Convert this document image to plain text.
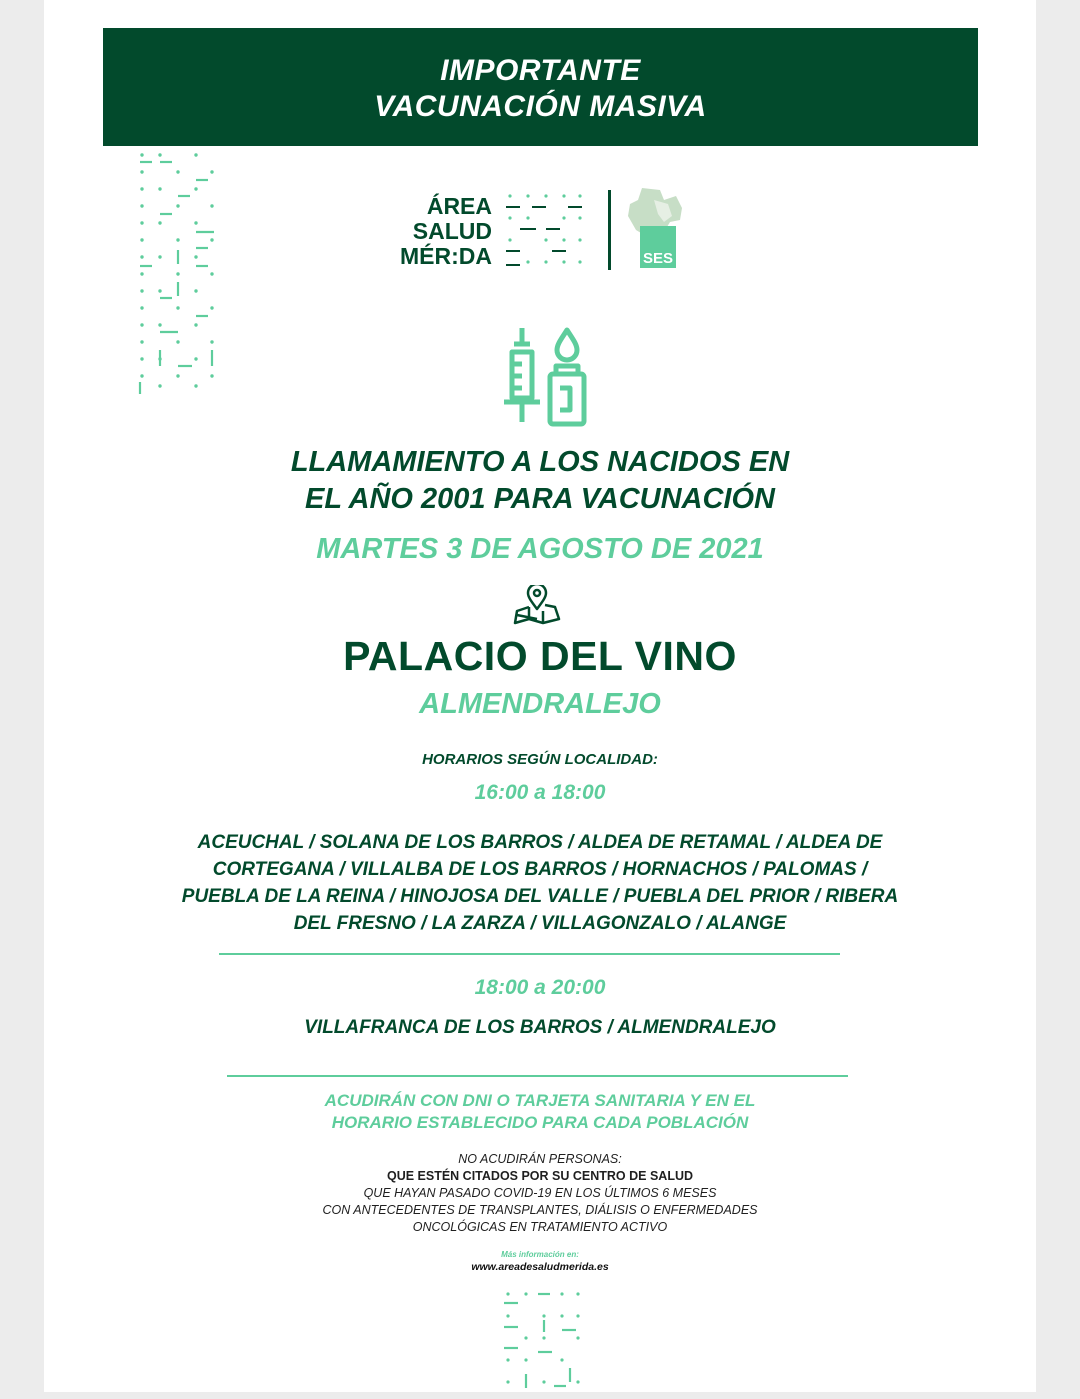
IMPORTANTE
VACUNACIÓN MASIVA
ÁREA
SALUD
MÉR:DA	SES
LLAMAMIENTO A LOS NACIDOS EN
EL AÑO 2001 PARA VACUNACIÓN
MARTES 3 DE AGOSTO DE 2021
PALACIO DEL VINO
ALMENDRALEJO
HORARIOS SEGÚN LOCALIDAD:
16:00 a 18:00
ACEUCHAL / SOLANA DE LOS BARROS / ALDEA DE RETAMAL / ALDEA DE
CORTEGANA / VILLALBA DE LOS BARROS / HORNACHOS / PALOMAS /
PUEBLA DE LA REINA / HINOJOSA DEL VALLE / PUEBLA DEL PRIOR / RIBERA
DEL FRESNO / LA ZARZA / VILLAGONZALO / ALANGE
18:00 a 20:00
VILLAFRANCA DE LOS BARROS / ALMENDRALEJO
ACUDIRÁN CON DNI O TARJETA SANITARIA Y EN EL
HORARIO ESTABLECIDO PARA CADA POBLACIÓN
NO ACUDIRÁN PERSONAS:
QUE ESTÉN CITADOS POR SU CENTRO DE SALUD
QUE HAYAN PASADO COVID-19 EN LOS ÚLTIMOS 6 MESES
CON ANTECEDENTES DE TRANSPLANTES, DIÁLISIS O ENFERMEDADES
ONCOLÓGICAS EN TRATAMIENTO ACTIVO
Más información en:
www.areadesaludmerida.es
